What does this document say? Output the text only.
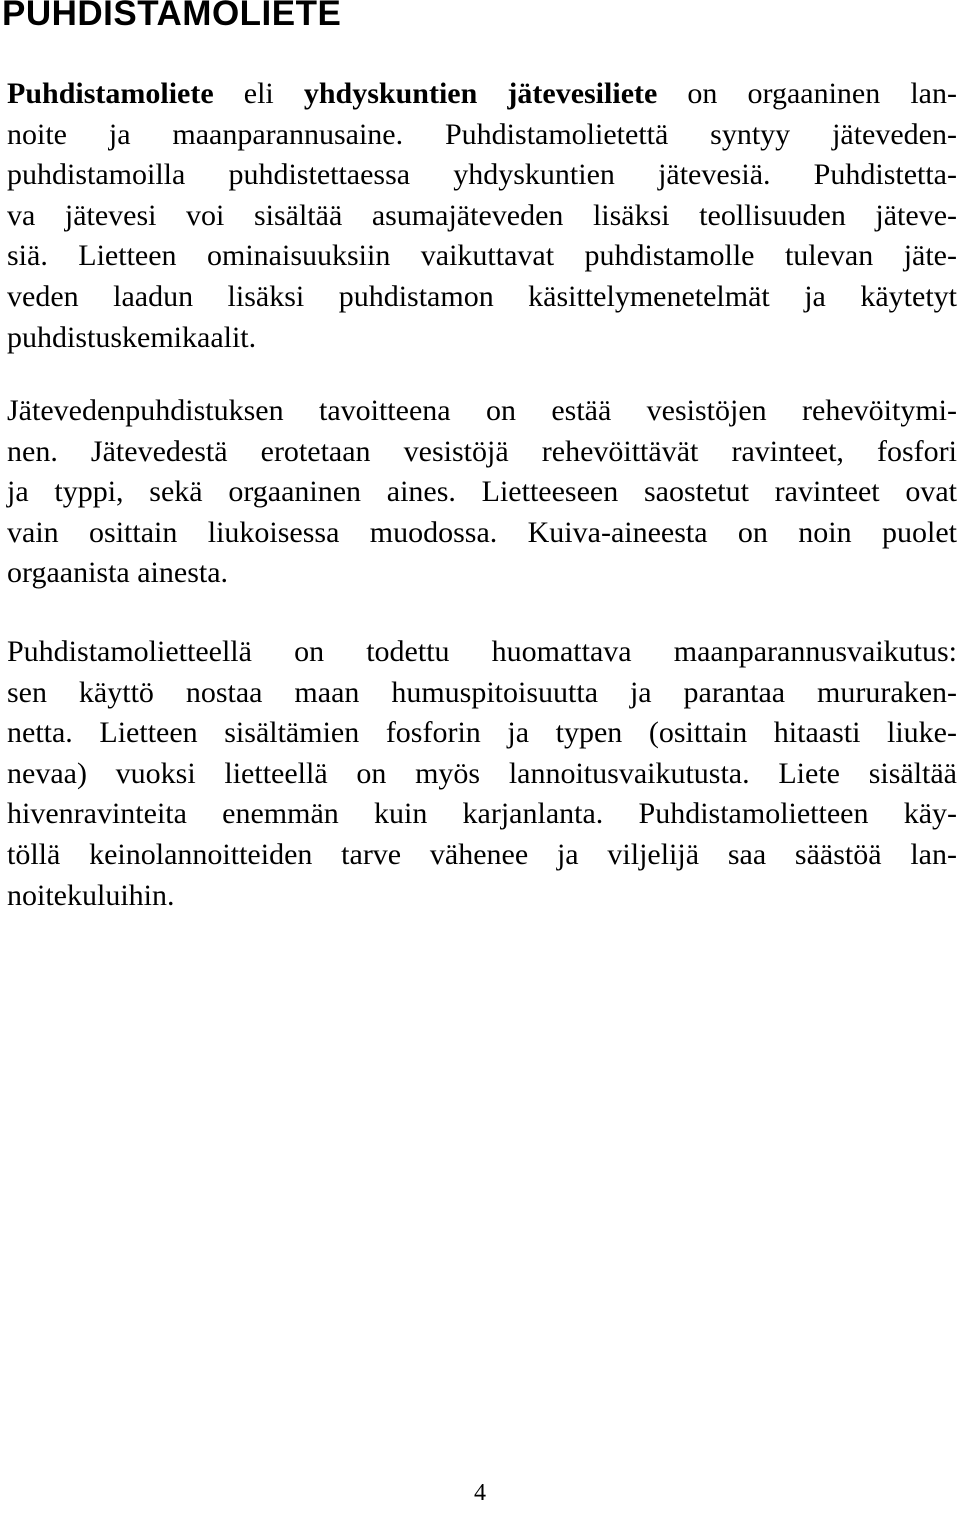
PUHDISTAMOLIETE
Puhdistamoliete eli yhdyskuntien jätevesiliete on orgaaninen lan-
noite ja maanparannusaine. Puhdistamolietettä syntyy jäteveden-
puhdistamoilla puhdistettaessa yhdyskuntien jätevesiä. Puhdistetta-
va jätevesi voi sisältää asumajäteveden lisäksi teollisuuden jäteve-
siä. Lietteen ominaisuuksiin vaikuttavat puhdistamolle tulevan jäte-
veden laadun lisäksi puhdistamon käsittelymenetelmät ja käytetyt
puhdistuskemikaalit.
Jätevedenpuhdistuksen tavoitteena on estää vesistöjen rehevöitymi-
nen. Jätevedestä erotetaan vesistöjä rehevöittävät ravinteet, fosfori
ja typpi, sekä orgaaninen aines. Lietteeseen saostetut ravinteet ovat
vain osittain liukoisessa muodossa. Kuiva-aineesta on noin puolet
orgaanista ainesta.
Puhdistamolietteellä on todettu huomattava maanparannusvaikutus:
sen käyttö nostaa maan humuspitoisuutta ja parantaa mururaken-
netta. Lietteen sisältämien fosforin ja typen (osittain hitaasti liuke-
nevaa) vuoksi lietteellä on myös lannoitusvaikutusta. Liete sisältää
hivenravinteita enemmän kuin karjanlanta. Puhdistamolietteen käy-
töllä keinolannoitteiden tarve vähenee ja viljelijä saa säästöä lan-
noitekuluihin.
4
